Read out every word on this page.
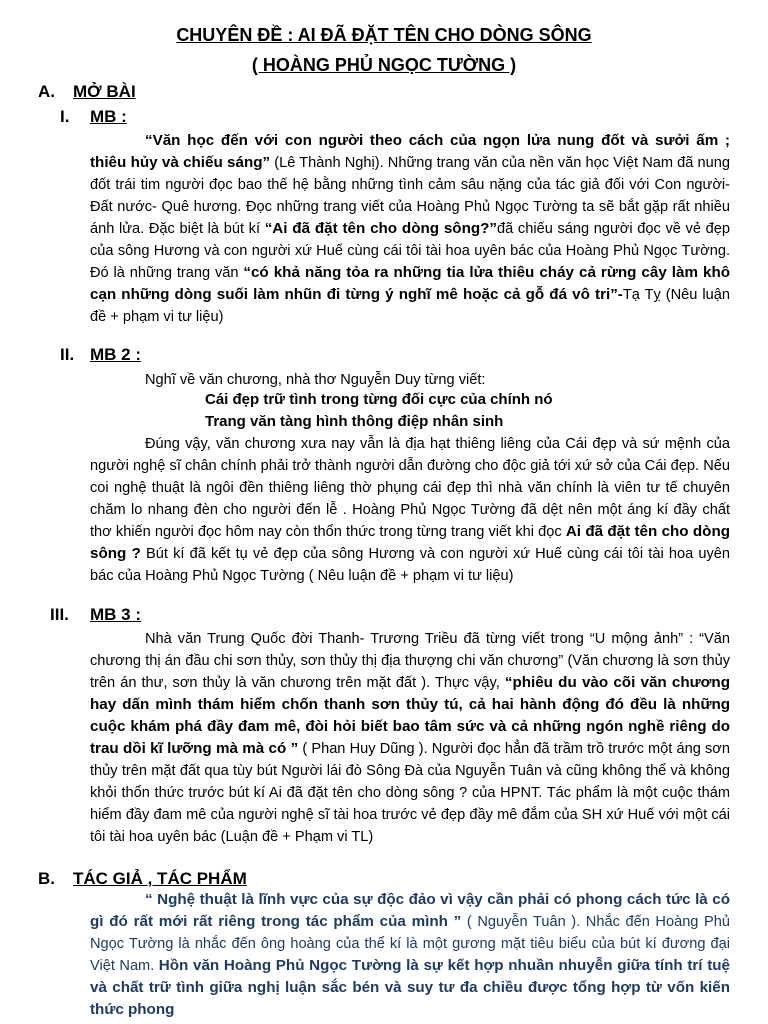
CHUYÊN ĐỀ : AI ĐÃ ĐẶT TÊN CHO DÒNG SÔNG
( HOÀNG PHỦ NGỌC TƯỜNG )
A. MỞ BÀI
I. MB :

“Văn học đến với con người theo cách của ngọn lửa nung đốt và sưởi ấm ; thiêu hủy và chiếu sáng” (Lê Thành Nghị). Những trang văn của nền văn học Việt Nam đã nung đốt trái tim người đọc bao thế hệ bằng những tình cảm sâu nặng của tác giả đối với Con người- Đất nước- Quê hương. Đọc những trang viết của Hoàng Phủ Ngọc Tường ta sẽ bắt gặp rất nhiều ánh lửa. Đặc biệt là bút kí “Ai đã đặt tên cho dòng sông?”đã chiếu sáng người đọc về vẻ đẹp của sông Hương và con người xứ Huế cùng cái tôi tài hoa uyên bác của Hoàng Phủ Ngọc Tường. Đó là những trang văn “có khả năng tỏa ra những tia lửa thiêu cháy cả rừng cây làm khô cạn những dòng suối làm nhũn đi từng ý nghĩ mê hoặc cả gỗ đá vô tri”-Tạ Tỵ (Nêu luận đề + phạm vi tư liệu)

II. MB 2 :

Nghĩ về văn chương, nhà thơ Nguyễn Duy từng viết:

Cái đẹp trữ tình trong từng đối cực của chính nó
Trang văn tàng hình thông điệp nhân sinh

Đúng vậy, văn chương xưa nay vẫn là địa hạt thiêng liêng của Cái đẹp và sứ mệnh của người nghệ sĩ chân chính phải trở thành người dẫn đường cho độc giả tới xứ sở của Cái đẹp. Nếu coi nghệ thuật là ngôi đền thiêng liêng thờ phụng cái đẹp thì nhà văn chính là viên tư tế chuyên chăm lo nhang đèn cho người đến lễ . Hoàng Phủ Ngọc Tường đã dệt nên một áng kí đầy chất thơ khiến người đọc hôm nay còn thổn thức trong từng trang viết khi đọc Ai đã đặt tên cho dòng sông ? Bút kí đã kết tụ vẻ đẹp của sông Hương và con người xứ Huế cùng cái tôi tài hoa uyên bác của Hoàng Phủ Ngọc Tường ( Nêu luận đề + phạm vi tư liệu)

III. MB 3 :

Nhà văn Trung Quốc đời Thanh- Trương Triều đã từng viết trong “U mộng ảnh” : “Văn chương thị án đầu chi sơn thủy, sơn thủy thị địa thượng chi văn chương” (Văn chương là sơn thủy trên án thư, sơn thủy là văn chương trên mặt đất ). Thực vậy, “phiêu du vào cõi văn chương hay dấn mình thám hiểm chốn thanh sơn thủy tú, cả hai hành động đó đều là những cuộc khám phá đầy đam mê, đòi hỏi biết bao tâm sức và cả những ngón nghề riêng do trau dồi kĩ lưỡng mà mà có ” ( Phan Huy Dũng ). Người đọc hẳn đã trầm trồ trước một áng sơn thủy trên mặt đất qua tùy bút Người lái đò Sông Đà của Nguyễn Tuân và cũng không thể và không khỏi thổn thức trước bút kí Ai đã đặt tên cho dòng sông ? của HPNT. Tác phẩm là một cuộc thám hiểm đầy đam mê của người nghệ sĩ tài hoa trước vẻ đẹp đầy mê đắm của SH xứ Huế với một cái tôi tài hoa uyên bác (Luận đề + Phạm vi TL)

B. TÁC GIẢ , TÁC PHẨM

“ Nghệ thuật là lĩnh vực của sự độc đảo vì vậy cần phải có phong cách tức là có gì đó rất mới rất riêng trong tác phẩm của mình ” ( Nguyễn Tuân ). Nhắc đến Hoàng Phủ Ngọc Tường là nhắc đến ông hoàng của thể kí là một gương mặt tiêu biểu của bút kí đương đại Việt Nam. Hồn văn Hoàng Phủ Ngọc Tường là sự kết hợp nhuần nhuyễn giữa tính trí tuệ và chất trữ tình giữa nghị luận sắc bén và suy tư đa chiều được tổng hợp từ vốn kiến thức phong
